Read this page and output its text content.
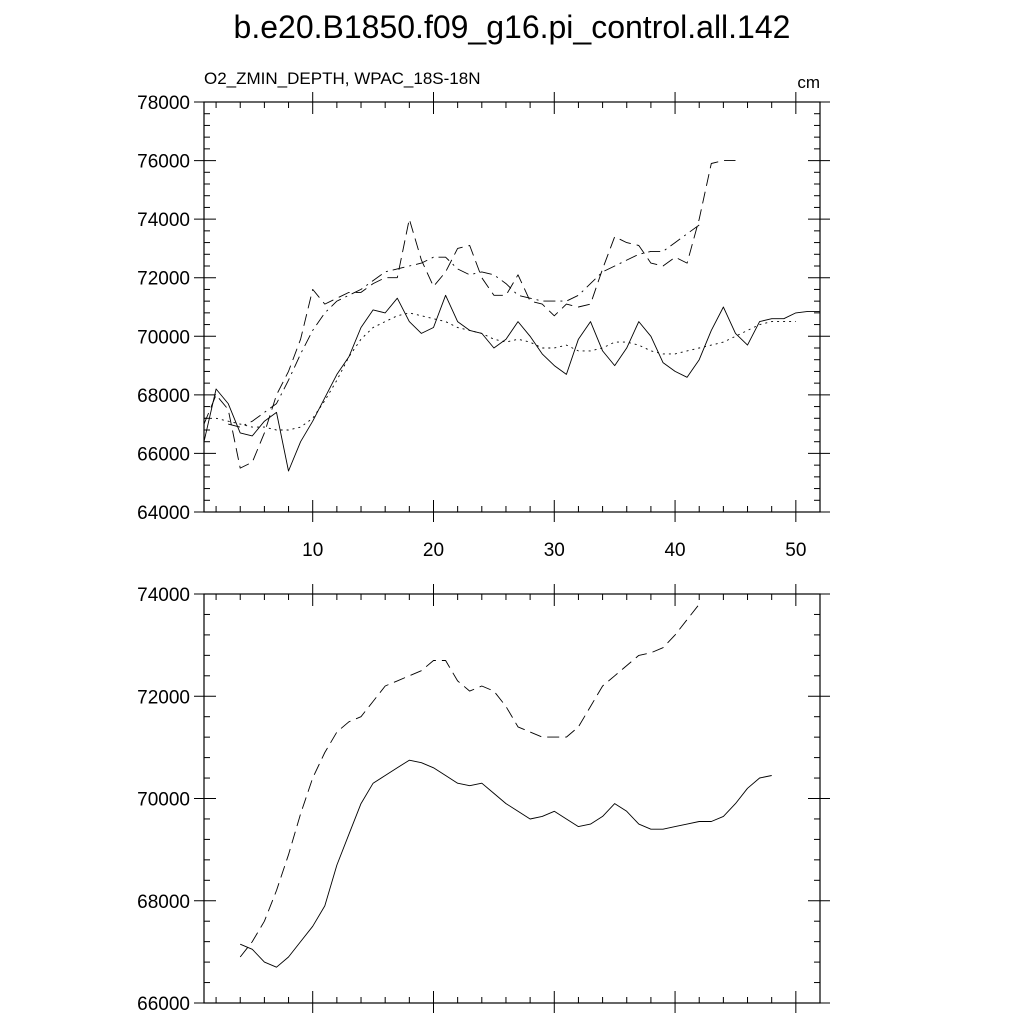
b.e20.B1850.f09_g16.pi_control.all.142
O2_ZMIN_DEPTH, WPAC_18S-18N	cm
10	20	30	40	50
64000
66000
68000
70000
72000
74000
76000
78000
66000
68000
70000
72000
74000
